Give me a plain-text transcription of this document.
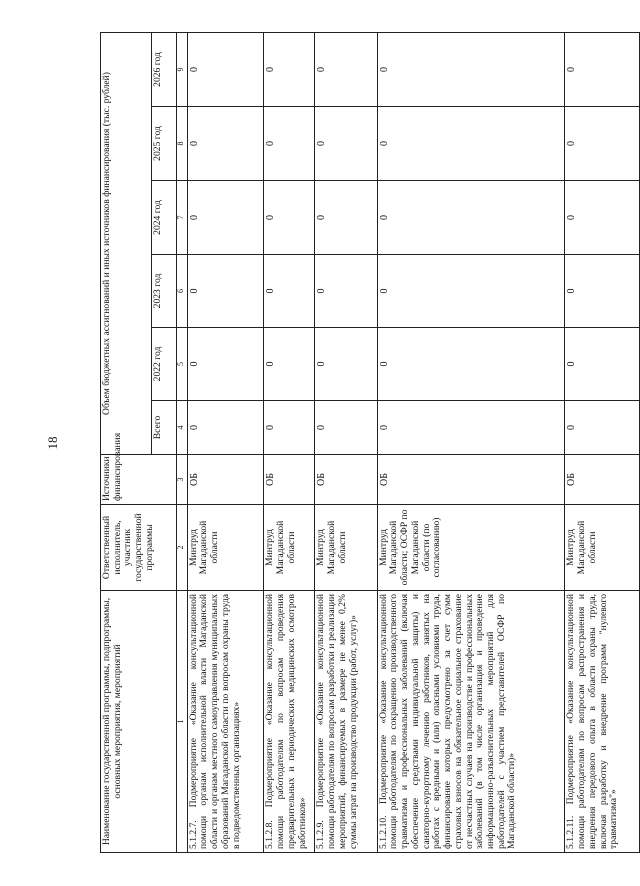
18
Наименование государственной программы, подпрограммы, основных мероприятия, мероприятий	Ответственный исполнитель, участник государственной программы	Источники финансирования	Объем бюджетных ассигнований и иных источников финансирования (тыс. рублей)					
			Всего	2022 год	2023 год	2024 год	2025 год	2026 год
1	2	3	4	5	6	7	8	9
5.1.2.7. Подмероприятие «Оказание консультационной помощи органам исполнительной власти Магаданской области и органам местного самоуправления муниципальных образований Магаданской области по вопросам охраны труда в подведомственных организациях»	Минтруд Магаданской области	ОБ	0	0	0	0	0	0
5.1.2.8. Подмероприятие «Оказание консультационной помощи работодателям по вопросам проведения предварительных и периодических медицинских осмотров работников»	Минтруд Магаданской области	ОБ	0	0	0	0	0	0
5.1.2.9. Подмероприятие «Оказание консультационной помощи работодателям по вопросам разработки и реализации мероприятий, финансируемых в размере не менее 0,2% суммы затрат на производство продукции (работ, услуг)»	Минтруд Магаданской области	ОБ	0	0	0	0	0	0
5.1.2.10. Подмероприятие «Оказание консультационной помощи работодателям по сокращению производственного травматизма и профессиональных заболеваний (включая обеспечение средствами индивидуальной защиты) и санаторно-курортному лечению работников, занятых на работах с вредными и (или) опасными условиями труда, финансирование которых предусмотрено за счет сумм страховых взносов на обязательное социальное страхование от несчастных случаев на производстве и профессиональных заболеваний (в том числе организация и проведение информационно-разъяснительных мероприятий для работодателей с участием представителей ОСФР по Магаданской области)»	Минтруд Магаданской области; ОСФР по Магаданской области (по согласованию)	ОБ	0	0	0	0	0	0
5.1.2.11. Подмероприятие «Оказание консультационной помощи работодателям по вопросам распространения и внедрения передового опыта в области охраны труда, включая разработку и внедрение программ "нулевого травматизма"»	Минтруд Магаданской области	ОБ	0	0	0	0	0	0
